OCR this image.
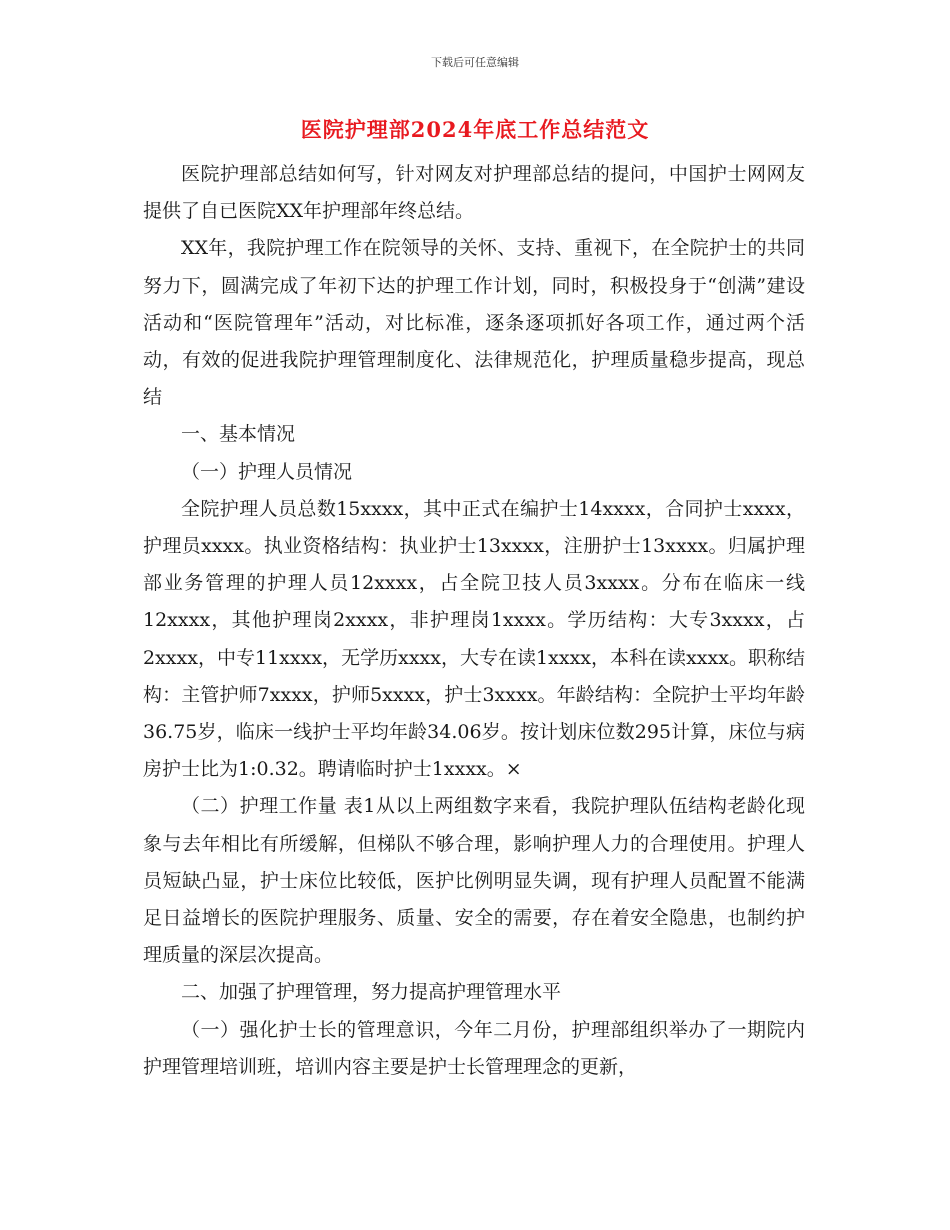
下载后可任意编辑
医院护理部2024年底工作总结范文

医院护理部总结如何写，针对网友对护理部总结的提问，中国护士网网友提供了自已医院XX年护理部年终总结。

XX年，我院护理工作在院领导的关怀、支持、重视下，在全院护士的共同努力下，圆满完成了年初下达的护理工作计划，同时，积极投身于“创满”建设活动和“医院管理年”活动，对比标准，逐条逐项抓好各项工作，通过两个活动，有效的促进我院护理管理制度化、法律规范化，护理质量稳步提高，现总结

一、基本情况

（一）护理人员情况

全院护理人员总数15xxxx，其中正式在编护士14xxxx，合同护士xxxx，护理员xxxx。执业资格结构：执业护士13xxxx，注册护士13xxxx。归属护理部业务管理的护理人员12xxxx，占全院卫技人员3xxxx。分布在临床一线12xxxx，其他护理岗2xxxx，非护理岗1xxxx。学历结构：大专3xxxx，占2xxxx，中专11xxxx，无学历xxxx，大专在读1xxxx，本科在读xxxx。职称结构：主管护师7xxxx，护师5xxxx，护士3xxxx。年龄结构：全院护士平均年龄36.75岁，临床一线护士平均年龄34.06岁。按计划床位数295计算，床位与病房护士比为1:0.32。聘请临时护士1xxxx。×

（二）护理工作量 表1从以上两组数字来看，我院护理队伍结构老龄化现象与去年相比有所缓解，但梯队不够合理，影响护理人力的合理使用。护理人员短缺凸显，护士床位比较低，医护比例明显失调，现有护理人员配置不能满足日益增长的医院护理服务、质量、安全的需要，存在着安全隐患，也制约护理质量的深层次提高。

二、加强了护理管理，努力提高护理管理水平

（一）强化护士长的管理意识，今年二月份，护理部组织举办了一期院内护理管理培训班，培训内容主要是护士长管理理念的更新，
